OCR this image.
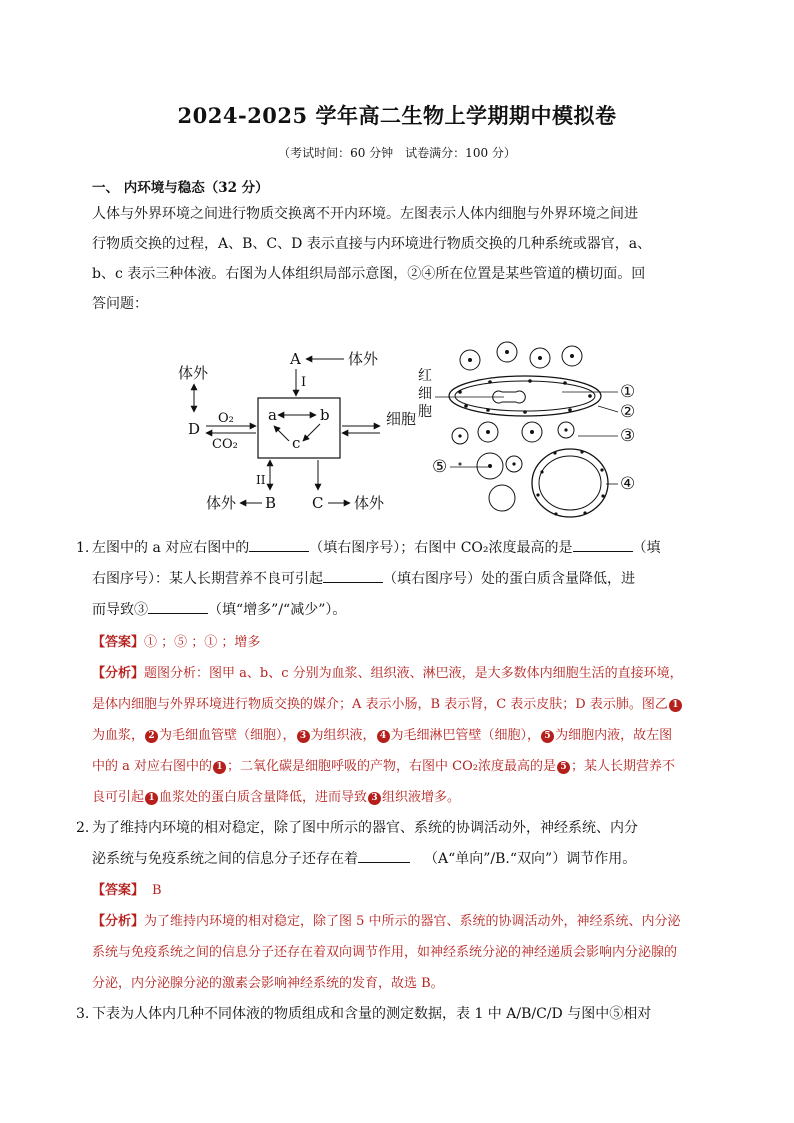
2024-2025 学年高二生物上学期期中模拟卷
（考试时间：60 分钟　试卷满分：100 分）
一、 内环境与稳态（32 分）
人体与外界环境之间进行物质交换离不开内环境。左图表示人体内细胞与外界环境之间进
行物质交换的过程，A、B、C、D 表示直接与内环境进行物质交换的几种系统或器官，a、
b、c 表示三种体液。右图为人体组织局部示意图，②④所在位置是某些管道的横切面。回
答问题：
a	b
c
A	体外
I
体外
D
O₂
CO₂
细胞
II
B
体外	C 体外
红
细
胞
①
②
③
⑤
④
1. 左图中的 a 对应右图中的	（填右图序号）；右图中 CO₂浓度最高的是	（填
右图序号）：某人长期营养不良可引起	（填右图序号）处的蛋白质含量降低，进
而导致③	（填“增多”/“减少”）。
【答案】① ；⑤ ；① ；增多
【分析】题图分析：图甲 a、b、c 分别为血浆、组织液、淋巴液，是大多数体内细胞生活的直接环境，
是体内细胞与外界环境进行物质交换的媒介；A 表示小肠，B 表示肾，C 表示皮肤；D 表示肺。图乙 1
为血浆， 2 为毛细血管壁（细胞）， 3 为组织液， 4 为毛细淋巴管壁（细胞）， 5 为细胞内液，故左图
中的 a 对应右图中的 1 ；二氧化碳是细胞呼吸的产物，右图中 CO₂浓度最高的是 5 ；某人长期营养不
良可引起 1 血浆处的蛋白质含量降低，进而导致 3 组织液增多。
2. 为了维持内环境的相对稳定，除了图中所示的器官、系统的协调活动外，神经系统、内分
泌系统与免疫系统之间的信息分子还存在着	（A“单向”/B.“双向”）调节作用。
【答案】 B
【分析】为了维持内环境的相对稳定，除了图 5 中所示的器官、系统的协调活动外，神经系统、内分泌
系统与免疫系统之间的信息分子还存在着双向调节作用，如神经系统分泌的神经递质会影响内分泌腺的
分泌，内分泌腺分泌的激素会影响神经系统的发育，故选 B。
3. 下表为人体内几种不同体液的物质组成和含量的测定数据，表 1 中 A/B/C/D 与图中⑤相对
